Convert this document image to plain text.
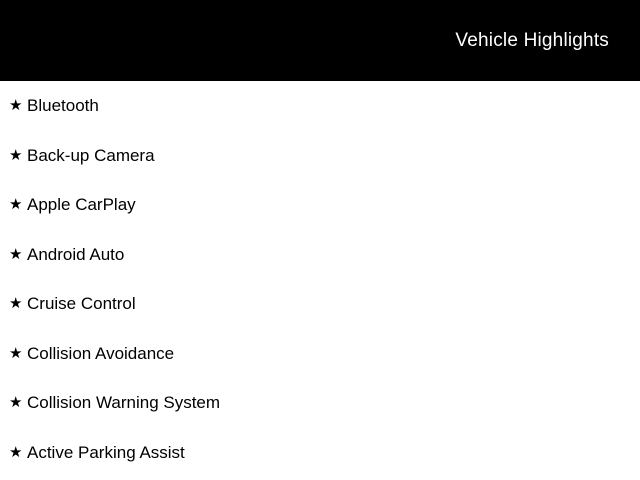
Vehicle Highlights
★ Bluetooth
★ Back-up Camera
★ Apple CarPlay
★ Android Auto
★ Cruise Control
★ Collision Avoidance
★ Collision Warning System
★ Active Parking Assist
